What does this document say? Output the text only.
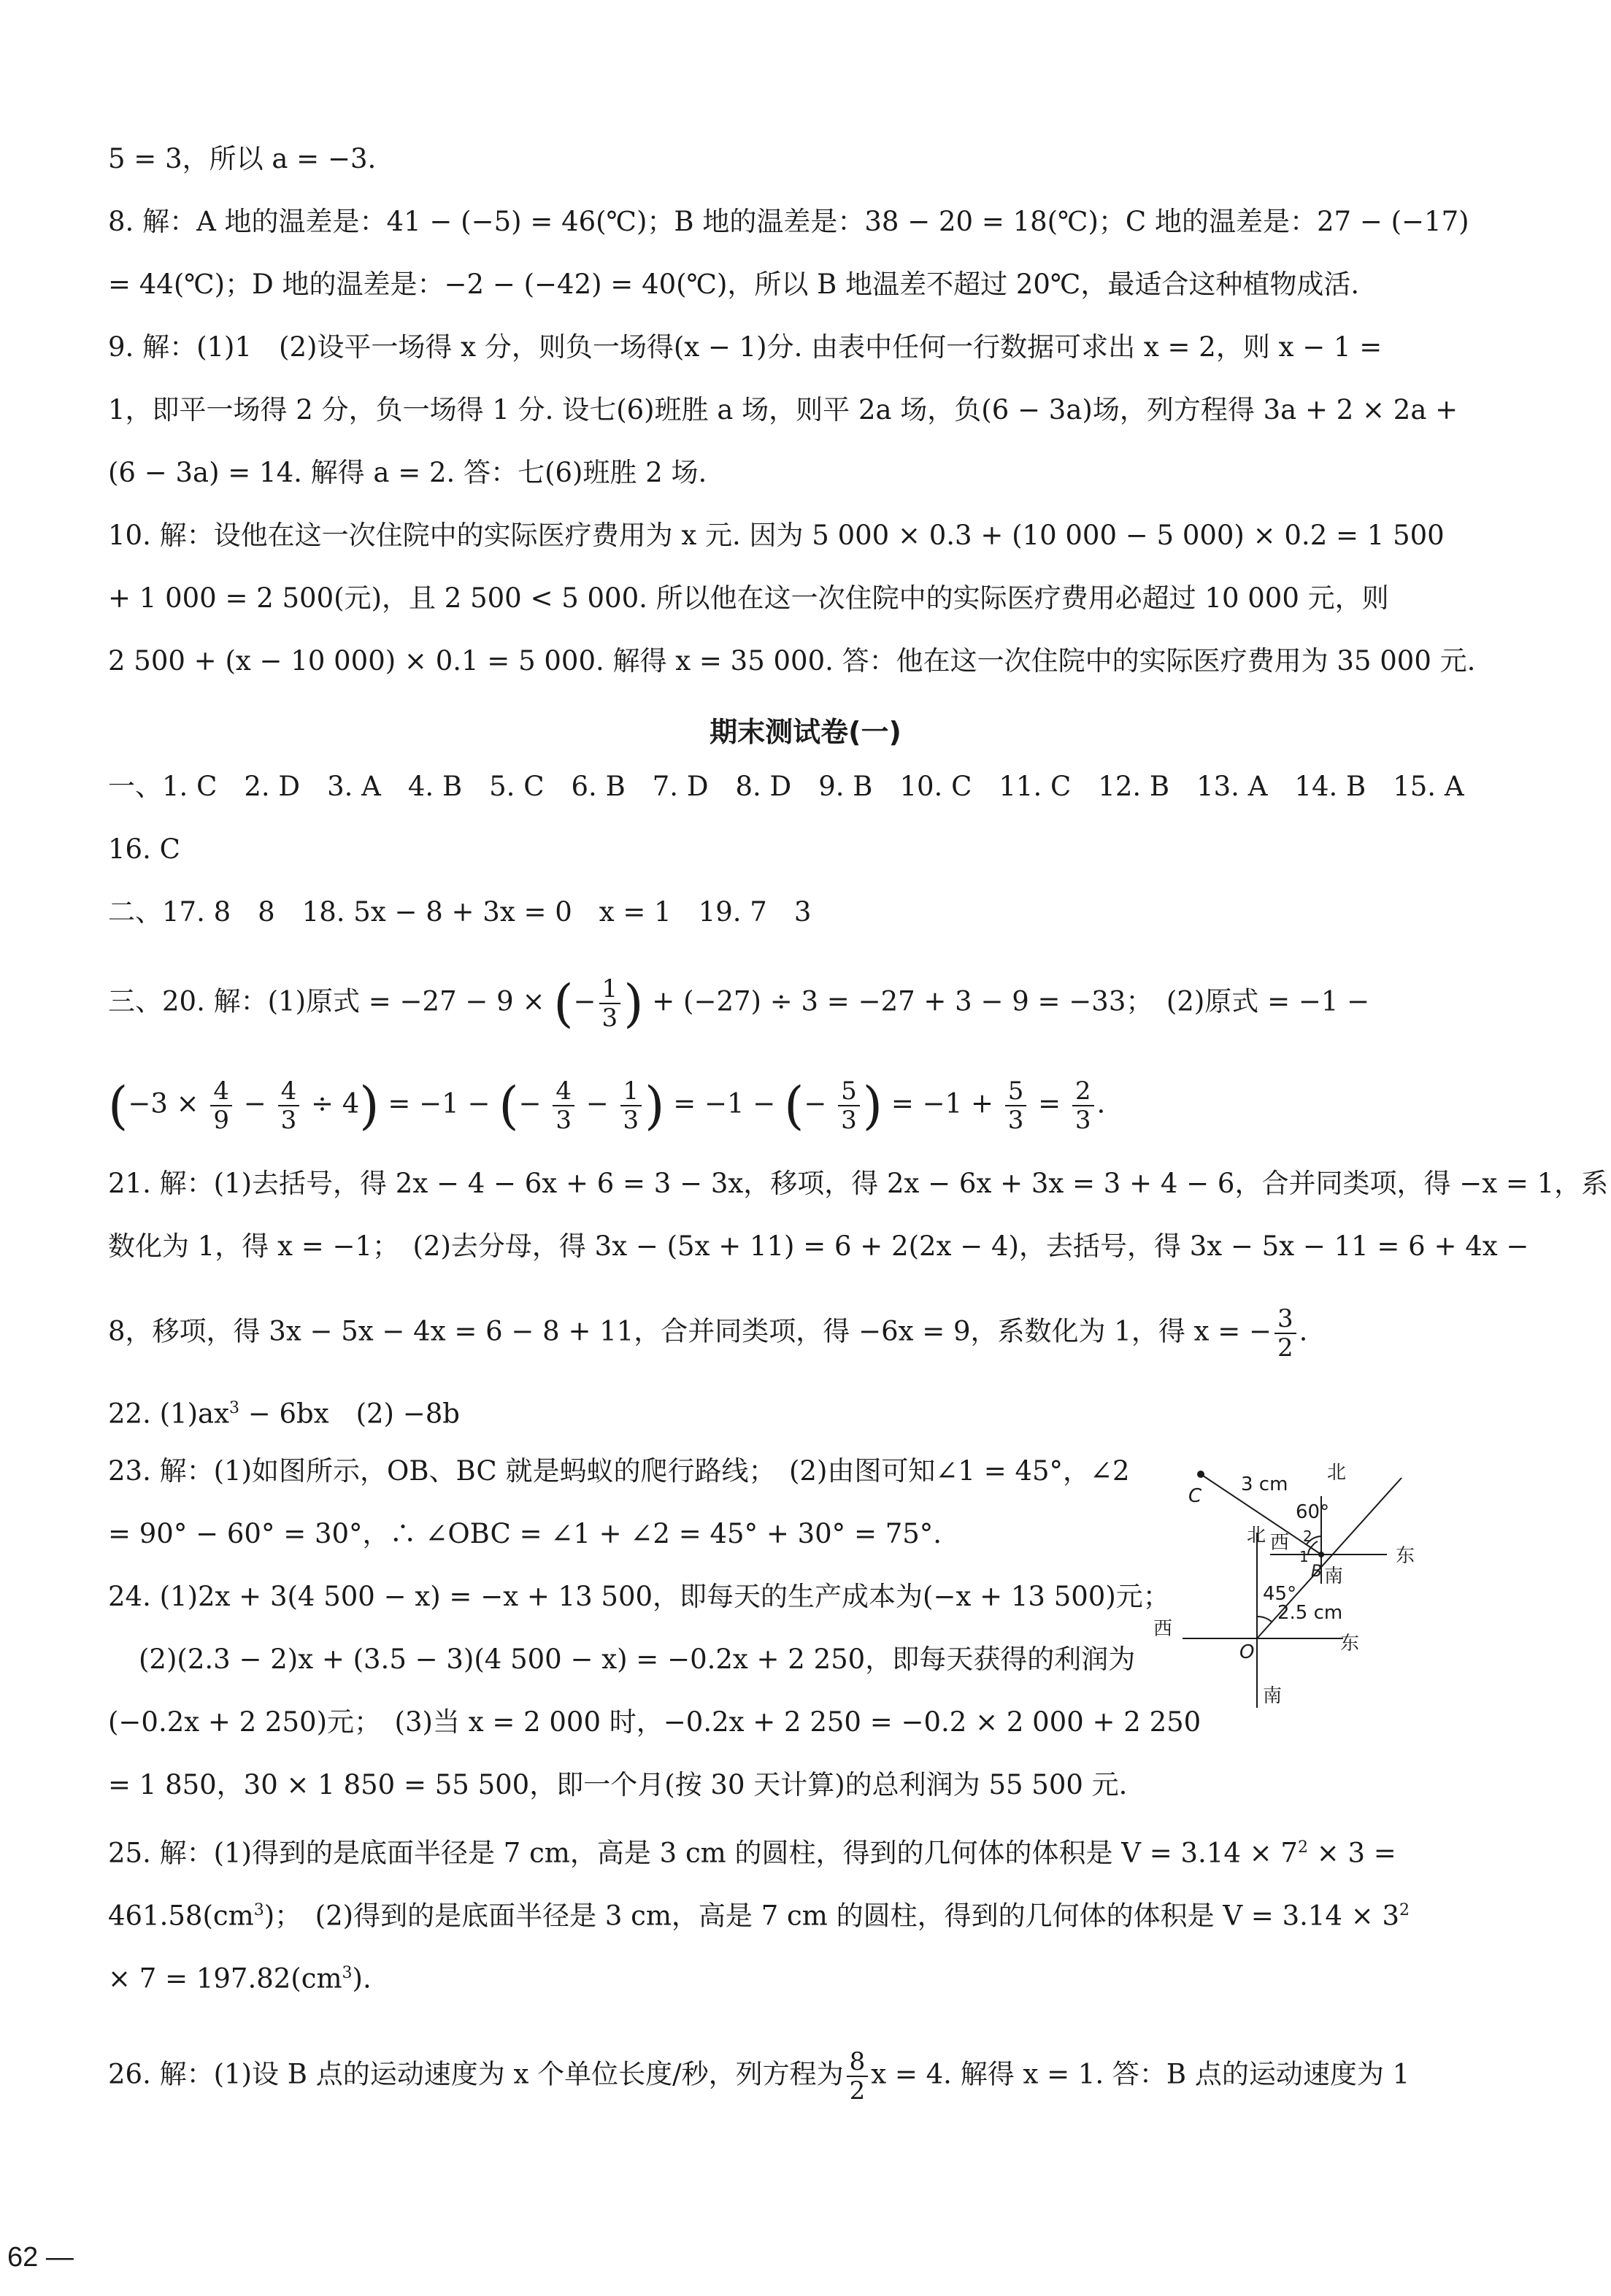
5 = 3，所以 a = −3.
8. 解：A 地的温差是：41 − (−5) = 46(℃)；B 地的温差是：38 − 20 = 18(℃)；C 地的温差是：27 − (−17)
= 44(℃)；D 地的温差是：−2 − (−42) = 40(℃)，所以 B 地温差不超过 20℃，最适合这种植物成活.
9. 解：(1)1　(2)设平一场得 x 分，则负一场得(x − 1)分. 由表中任何一行数据可求出 x = 2，则 x − 1 =
1，即平一场得 2 分，负一场得 1 分. 设七(6)班胜 a 场，则平 2a 场，负(6 − 3a)场，列方程得 3a + 2 × 2a +
(6 − 3a) = 14. 解得 a = 2. 答：七(6)班胜 2 场.
10. 解：设他在这一次住院中的实际医疗费用为 x 元. 因为 5 000 × 0.3 + (10 000 − 5 000) × 0.2 = 1 500
+ 1 000 = 2 500(元)，且 2 500 < 5 000. 所以他在这一次住院中的实际医疗费用必超过 10 000 元，则
2 500 + (x − 10 000) × 0.1 = 5 000. 解得 x = 35 000. 答：他在这一次住院中的实际医疗费用为 35 000 元.
期末测试卷(一)
一、1. C　2. D　3. A　4. B　5. C　6. B　7. D　8. D　9. B　10. C　11. C　12. B　13. A　14. B　15. A
16. C
二、17. 8　8　18. 5x − 8 + 3x = 0　x = 1　19. 7　3
三、20. 解：(1)原式 = −27 − 9 × (− $\frac{1}{3}$ ) + (−27) ÷ 3 = −27 + 3 − 9 = −33；　(2)原式 = −1 −
$(-3 \times \frac{4}{9} - \frac{4}{3} \div 4) = -1$ − (− $\frac{4}{3} - \frac{1}{3}$ ) = −1 − (− $\frac{5}{3}$ ) = $-1 + \frac{5}{3} = \frac{2}{3}$ .
21. 解：(1)去括号，得 2x − 4 − 6x + 6 = 3 − 3x，移项，得 2x − 6x + 3x = 3 + 4 − 6，合并同类项，得 −x = 1，系
数化为 1，得 x = −1；　(2)去分母，得 3x − (5x + 11) = 6 + 2(2x − 4)，去括号，得 3x − 5x − 11 = 6 + 4x −
8，移项，得 3x − 5x − 4x = 6 − 8 + 11，合并同类项，得 −6x = 9，系数化为 1，得 x = − $\frac{3}{2}$ .
22. $(1)ax^3 - 6bx$　(2) −8b
23. 解：(1)如图所示，OB、BC 就是蚂蚁的爬行路线；　(2)由图可知∠1 = 45°，∠2
= 90° − 60° = 30°，∴ ∠OBC = ∠1 + ∠2 = 45° + 30° = 75°.
24. (1)2x + 3(4 500 − x) = −x + 13 500，即每天的生产成本为(−x + 13 500)元；
(2)(2.3 − 2)x + (3.5 − 3)(4 500 − x) = −0.2x + 2 250，即每天获得的利润为
(−0.2x + 2 250)元；　(3)当 x = 2 000 时，−0.2x + 2 250 = −0.2 × 2 000 + 2 250
= 1 850，30 × 1 850 = 55 500，即一个月(按 30 天计算)的总利润为 55 500 元.
25. 解：(1)得到的是底面半径是 7 cm，高是 3 cm 的圆柱，得到的几何体的体积是 $V = 3.14 \times 7^2 \times 3$ =
$461.58(cm^3)$；　(2)得到的是底面半径是 3 cm，高是 7 cm 的圆柱，得到的几何体的体积是 $V = 3.14 \times 3^2$
× $7 = 197.82(cm^3)$.
26. 解：(1)设 B 点的运动速度为 x 个单位长度/秒，列方程为 $\frac{8}{2}$ x = 4. 解得 x = 1. 答：B 点的运动速度为 1
C
B
O
3 cm
60°
45°
2.5 cm
1
2
北
北 西
西
东
东
南
南
62 —
